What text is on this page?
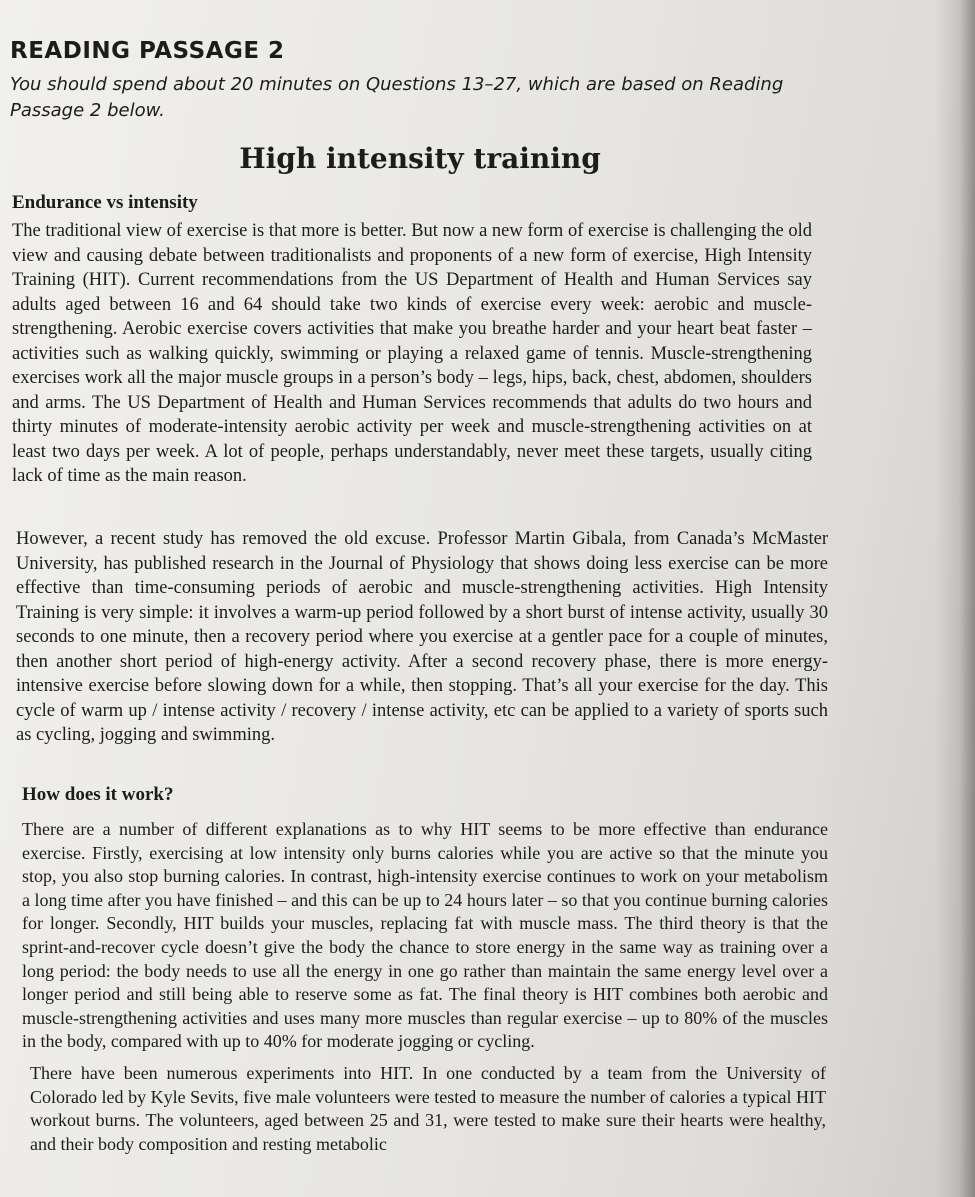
READING PASSAGE 2

You should spend about 20 minutes on Questions 13–27, which are based on Reading Passage 2 below.

High intensity training
Endurance vs intensity

The traditional view of exercise is that more is better. But now a new form of exercise is challenging the old view and causing debate between traditionalists and proponents of a new form of exercise, High Intensity Training (HIT). Current recommendations from the US Department of Health and Human Services say adults aged between 16 and 64 should take two kinds of exercise every week: aerobic and muscle-strengthening. Aerobic exercise covers activities that make you breathe harder and your heart beat faster – activities such as walking quickly, swimming or playing a relaxed game of tennis. Muscle-strengthening exercises work all the major muscle groups in a person’s body – legs, hips, back, chest, abdomen, shoulders and arms. The US Department of Health and Human Services recommends that adults do two hours and thirty minutes of moderate-intensity aerobic activity per week and muscle-strengthening activities on at least two days per week. A lot of people, perhaps understandably, never meet these targets, usually citing lack of time as the main reason.

However, a recent study has removed the old excuse. Professor Martin Gibala, from Canada’s McMaster University, has published research in the Journal of Physiology that shows doing less exercise can be more effective than time-consuming periods of aerobic and muscle-strengthening activities. High Intensity Training is very simple: it involves a warm-up period followed by a short burst of intense activity, usually 30 seconds to one minute, then a recovery period where you exercise at a gentler pace for a couple of minutes, then another short period of high-energy activity. After a second recovery phase, there is more energy-intensive exercise before slowing down for a while, then stopping. That’s all your exercise for the day. This cycle of warm up / intense activity / recovery / intense activity, etc can be applied to a variety of sports such as cycling, jogging and swimming.

How does it work?

There are a number of different explanations as to why HIT seems to be more effective than endurance exercise. Firstly, exercising at low intensity only burns calories while you are active so that the minute you stop, you also stop burning calories. In contrast, high-intensity exercise continues to work on your metabolism a long time after you have finished – and this can be up to 24 hours later – so that you continue burning calories for longer. Secondly, HIT builds your muscles, replacing fat with muscle mass. The third theory is that the sprint-and-recover cycle doesn’t give the body the chance to store energy in the same way as training over a long period: the body needs to use all the energy in one go rather than maintain the same energy level over a longer period and still being able to reserve some as fat. The final theory is HIT combines both aerobic and muscle-strengthening activities and uses many more muscles than regular exercise – up to 80% of the muscles in the body, compared with up to 40% for moderate jogging or cycling.

There have been numerous experiments into HIT. In one conducted by a team from the University of Colorado led by Kyle Sevits, five male volunteers were tested to measure the number of calories a typical HIT workout burns. The volunteers, aged between 25 and 31, were tested to make sure their hearts were healthy, and their body composition and resting metabolic
